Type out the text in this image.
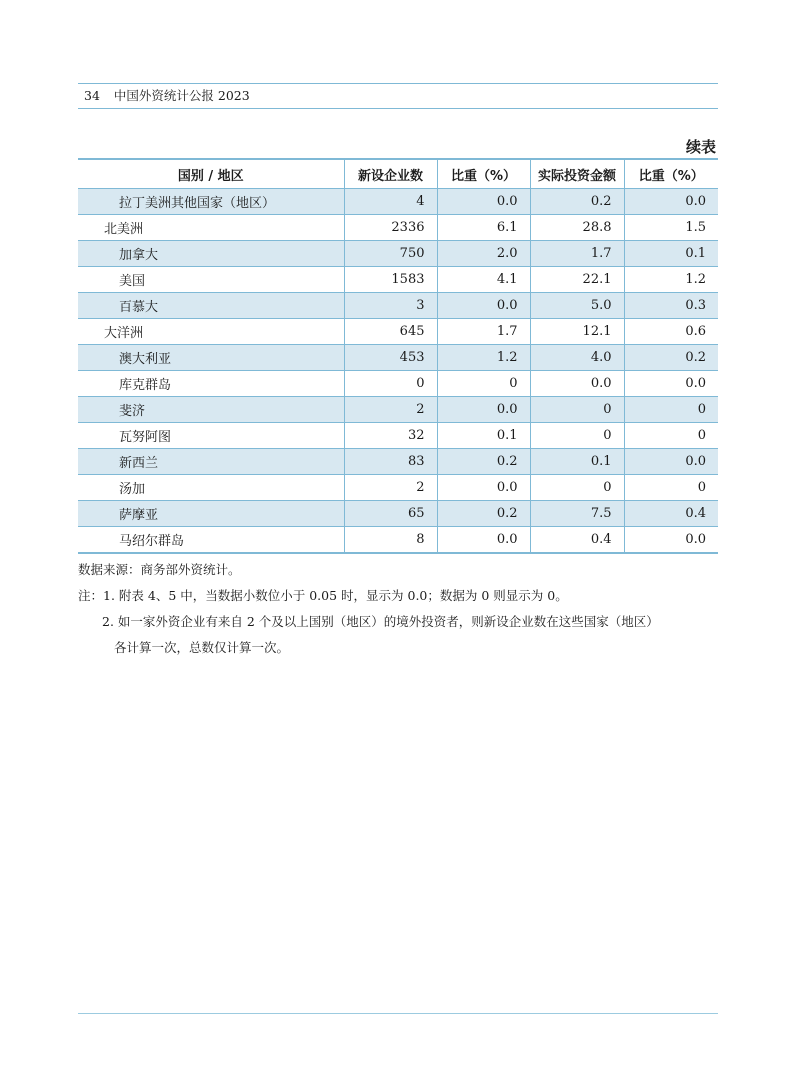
34 中国外资统计公报 2023
续表
国别 / 地区	新设企业数	比重（%）	实际投资金额	比重（%）
拉丁美洲其他国家（地区）	4	0.0	0.2	0.0
北美洲	2336	6.1	28.8	1.5
加拿大	750	2.0	1.7	0.1
美国	1583	4.1	22.1	1.2
百慕大	3	0.0	5.0	0.3
大洋洲	645	1.7	12.1	0.6
澳大利亚	453	1.2	4.0	0.2
库克群岛	0	0	0.0	0.0
斐济	2	0.0	0	0
瓦努阿图	32	0.1	0	0
新西兰	83	0.2	0.1	0.0
汤加	2	0.0	0	0
萨摩亚	65	0.2	7.5	0.4
马绍尔群岛	8	0.0	0.4	0.0

数据来源：商务部外资统计。

注：1. 附表 4、5 中，当数据小数位小于 0.05 时，显示为 0.0；数据为 0 则显示为 0。

2. 如一家外资企业有来自 2 个及以上国别（地区）的境外投资者，则新设企业数在这些国家（地区）

各计算一次，总数仅计算一次。
